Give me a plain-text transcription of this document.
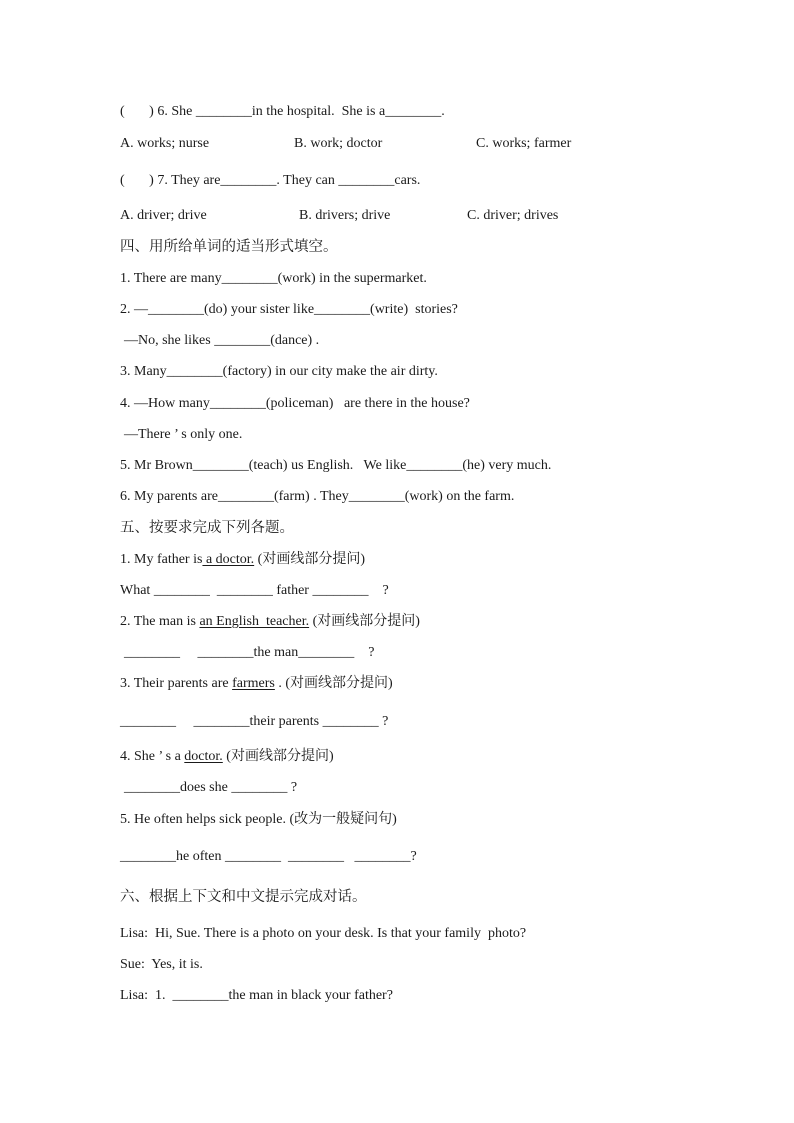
(       ) 6. She ________in the hospital.  She is a________.
A. works; nurse	B. work; doctor	C. works; farmer
(       ) 7. They are________. They can ________cars.
A. driver; drive	B. drivers; drive	C. driver; drives
四、用所给单词的适当形式填空。
1. There are many________(work) in the supermarket.
2. —________(do) your sister like________(write)  stories?
—No, she likes ________(dance) .
3. Many________(factory) in our city make the air dirty.
4. —How many________(policeman)   are there in the house?
—There ’ s only one.
5. Mr Brown________(teach) us English.   We like________(he) very much.
6. My parents are________(farm) . They________(work) on the farm.
五、按要求完成下列各题。
1. My father is a doctor. (对画线部分提问)
What ________  ________ father ________    ?
2. The man is an English  teacher. (对画线部分提问)
________     ________the man________    ?
3. Their parents are farmers . (对画线部分提问)
________     ________their parents ________ ?
4. She ’ s a doctor. (对画线部分提问)
________does she ________ ?
5. He often helps sick people. (改为一般疑问句)
________he often ________  ________   ________?
六、根据上下文和中文提示完成对话。
Lisa:  Hi, Sue. There is a photo on your desk. Is that your family  photo?
Sue:  Yes, it is.
Lisa:  1.  ________the man in black your father?
